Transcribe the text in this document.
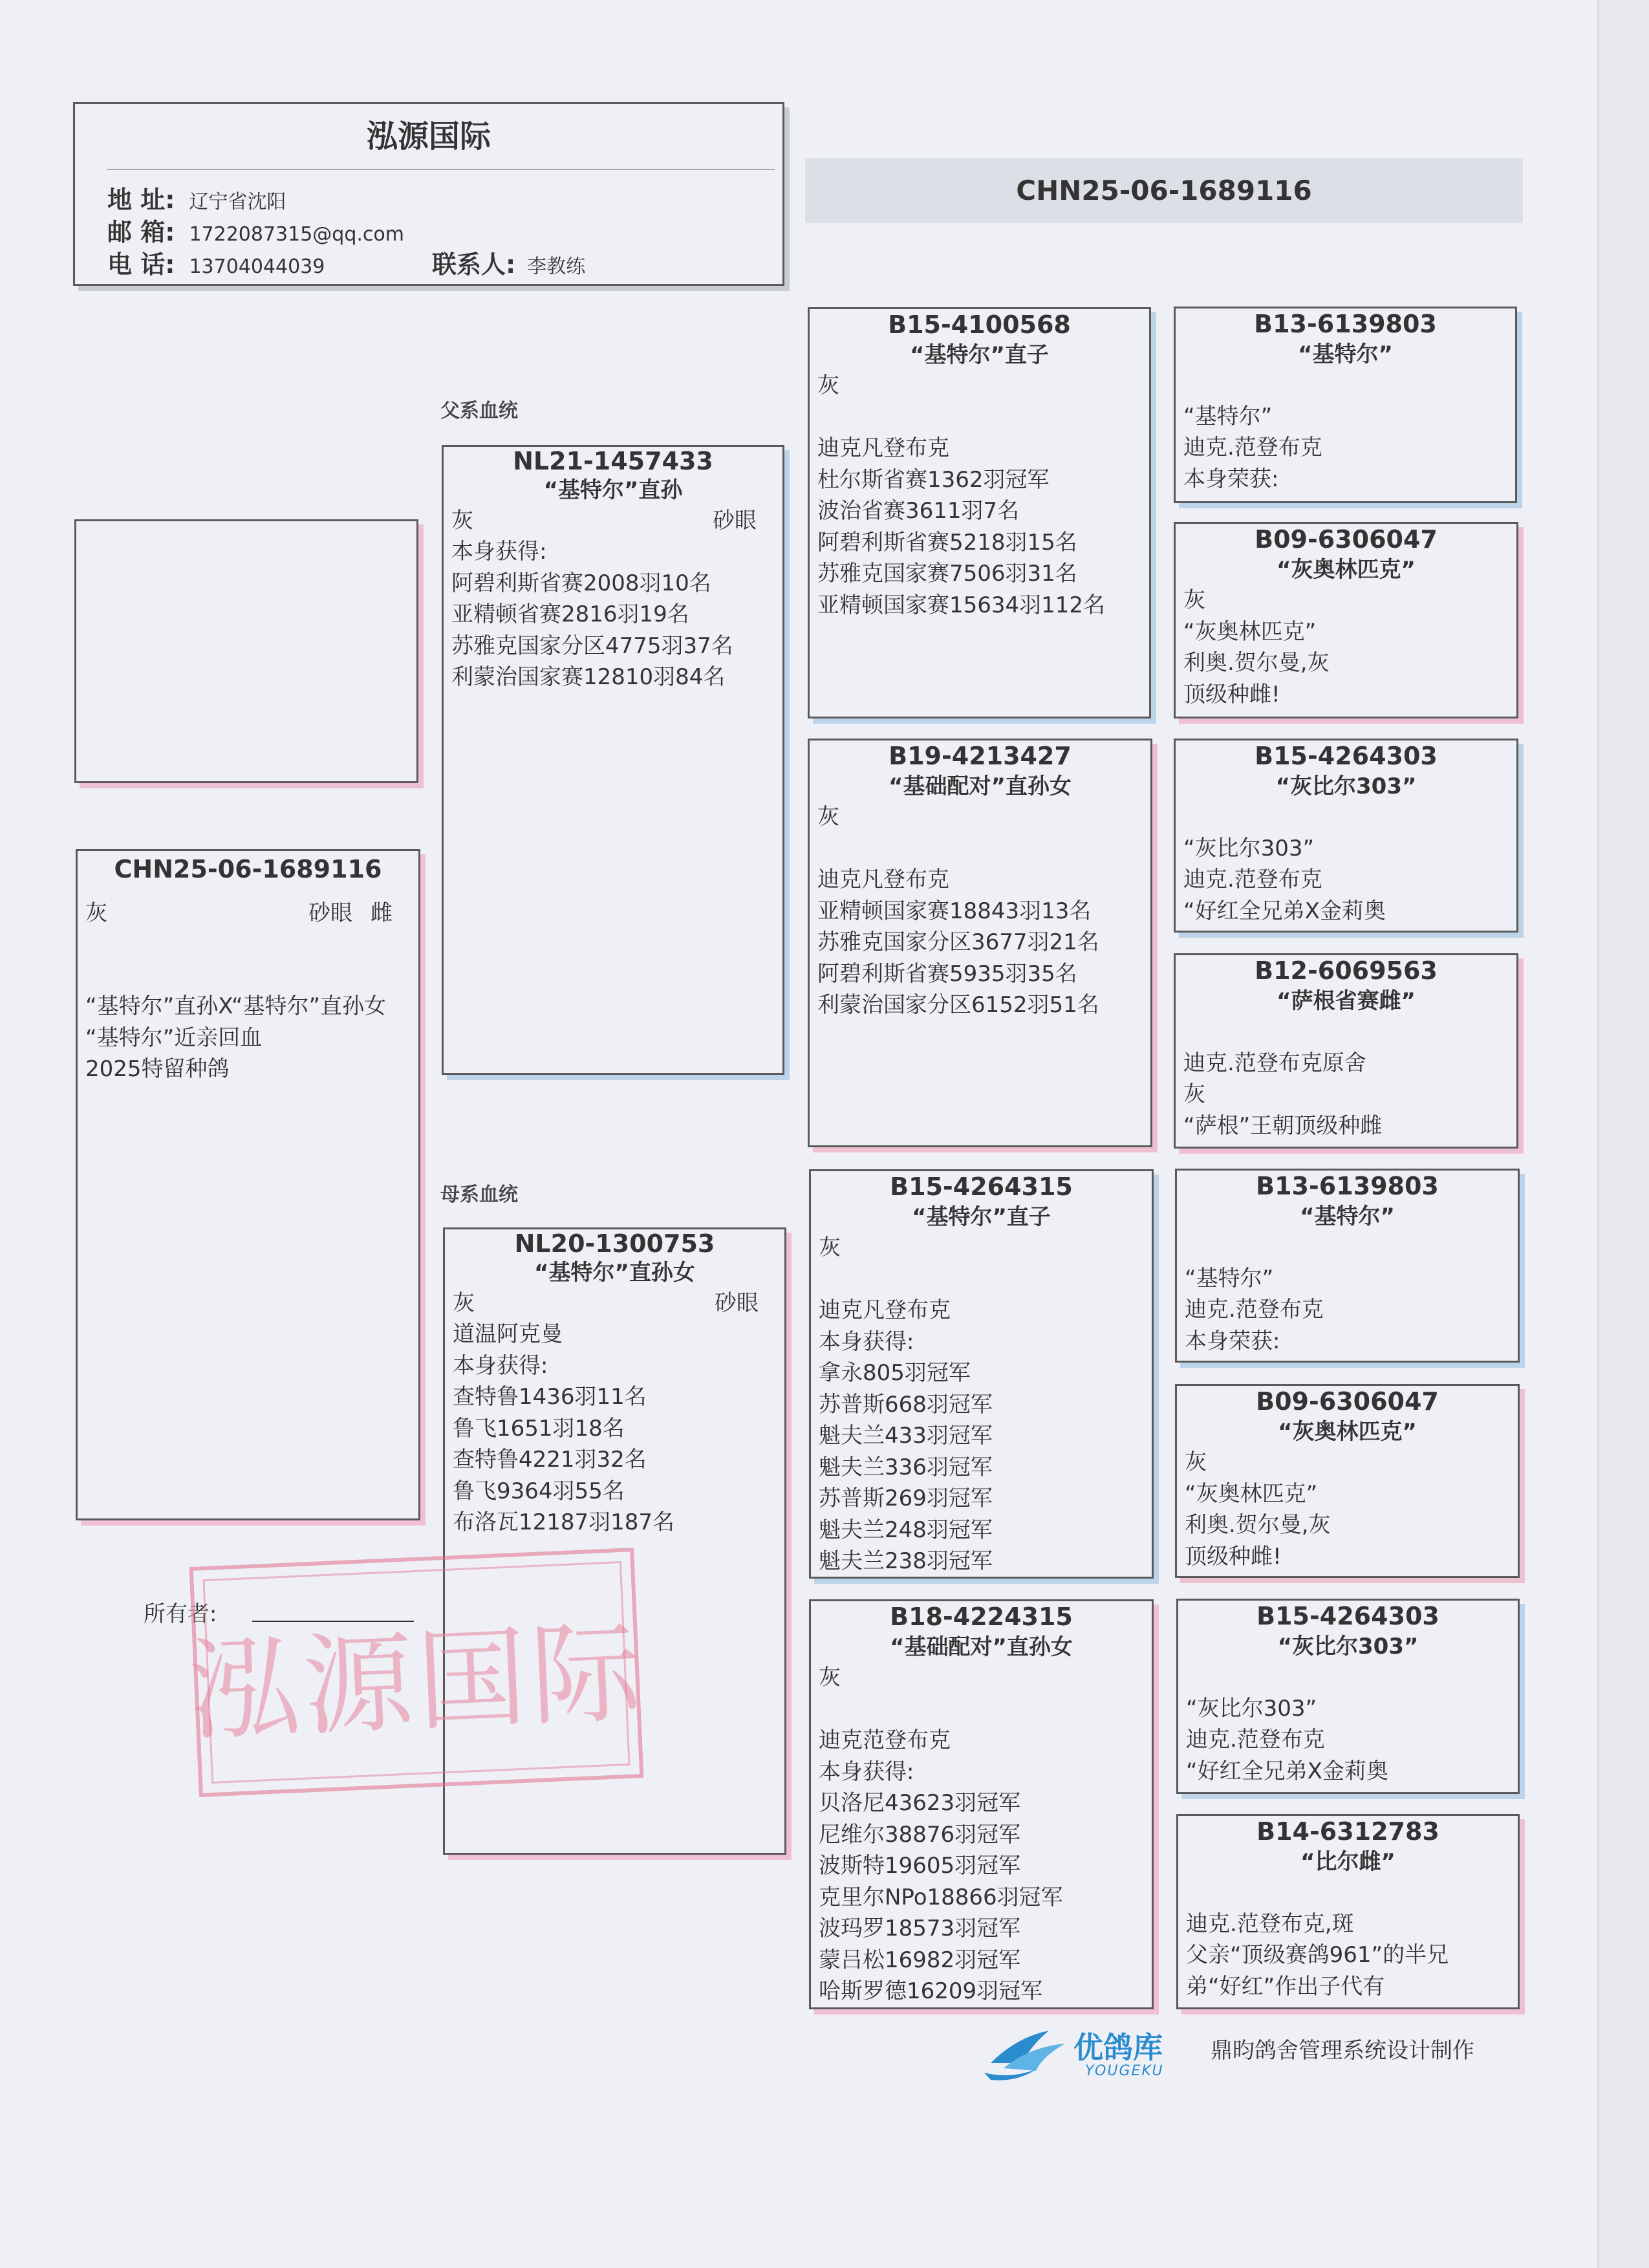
泓源国际
地 址: 辽宁省沈阳
邮 箱: 1722087315@qq.com
电 话: 13704044039	联系人: 李教练
CHN25-06-1689116
父系血统
母系血统
CHN25-06-1689116
灰	砂眼 雌
“基特尔”直孙X“基特尔”直孙女
“基特尔”近亲回血
2025特留种鸽
NL21-1457433
“基特尔”直孙
灰	砂眼
本身获得:
阿碧利斯省赛2008羽10名
亚精顿省赛2816羽19名
苏雅克国家分区4775羽37名
利蒙治国家赛12810羽84名
NL20-1300753
“基特尔”直孙女
灰	砂眼
道温阿克曼
本身获得:
查特鲁1436羽11名
鲁飞1651羽18名
查特鲁4221羽32名
鲁飞9364羽55名
布洛瓦12187羽187名
B15-4100568
“基特尔”直子
灰

迪克凡登布克
杜尔斯省赛1362羽冠军
波治省赛3611羽7名
阿碧利斯省赛5218羽15名
苏雅克国家赛7506羽31名
亚精顿国家赛15634羽112名
B19-4213427
“基础配对”直孙女
灰

迪克凡登布克
亚精顿国家赛18843羽13名
苏雅克国家分区3677羽21名
阿碧利斯省赛5935羽35名
利蒙治国家分区6152羽51名
B15-4264315
“基特尔”直子
灰

迪克凡登布克
本身获得:
拿永805羽冠军
苏普斯668羽冠军
魁夫兰433羽冠军
魁夫兰336羽冠军
苏普斯269羽冠军
魁夫兰248羽冠军
魁夫兰238羽冠军
B18-4224315
“基础配对”直孙女
灰

迪克范登布克
本身获得:
贝洛尼43623羽冠军
尼维尔38876羽冠军
波斯特19605羽冠军
克里尔NPo18866羽冠军
波玛罗18573羽冠军
蒙吕松16982羽冠军
哈斯罗德16209羽冠军
B13-6139803
“基特尔”

“基特尔”
迪克.范登布克
本身荣获:
B09-6306047
“灰奥林匹克”
灰
“灰奥林匹克”
利奥.贺尔曼,灰
顶级种雌!
B15-4264303
“灰比尔303”

“灰比尔303”
迪克.范登布克
“好红全兄弟X金莉奥
B12-6069563
“萨根省赛雌”

迪克.范登布克原舍
灰
“萨根”王朝顶级种雌
B13-6139803
“基特尔”

“基特尔”
迪克.范登布克
本身荣获:
B09-6306047
“灰奥林匹克”
灰
“灰奥林匹克”
利奥.贺尔曼,灰
顶级种雌!
B15-4264303
“灰比尔303”

“灰比尔303”
迪克.范登布克
“好红全兄弟X金莉奥
B14-6312783
“比尔雌”

迪克.范登布克,斑
父亲“顶级赛鸽961”的半兄
弟“好红”作出子代有
所有者:
泓源国际
优鸽库
YOUGEKU
鼎昀鸽舍管理系统设计制作
